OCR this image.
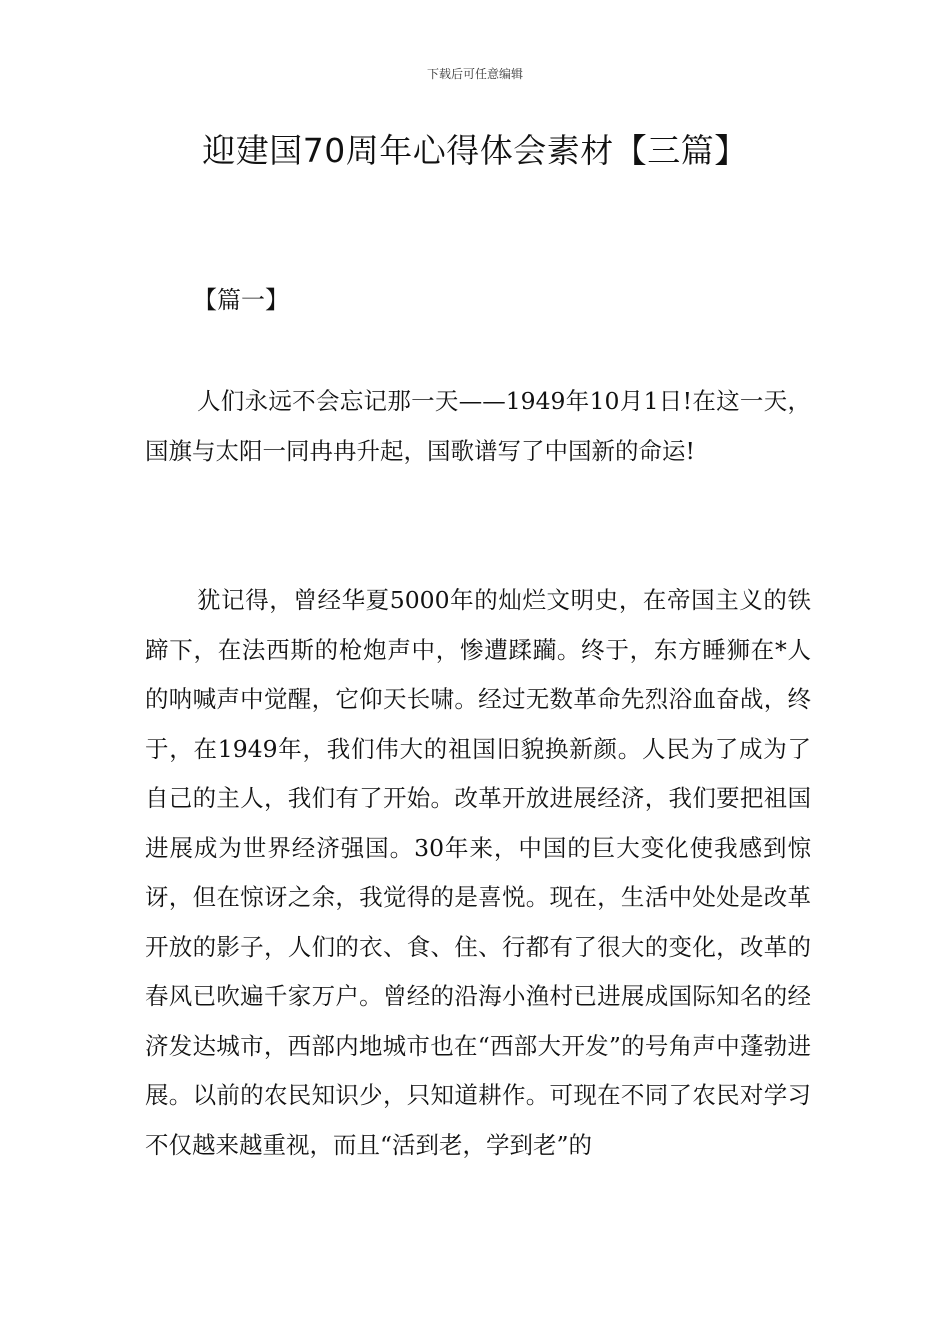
下载后可任意编辑
迎建国70周年心得体会素材【三篇】
【篇一】

人们永远不会忘记那一天——1949年10月1日!在这一天，国旗与太阳一同冉冉升起，国歌谱写了中国新的命运!

犹记得，曾经华夏5000年的灿烂文明史，在帝国主义的铁蹄下，在法西斯的枪炮声中，惨遭蹂躏。终于，东方睡狮在*人的呐喊声中觉醒，它仰天长啸。经过无数革命先烈浴血奋战，终于，在1949年，我们伟大的祖国旧貌换新颜。人民为了成为了自己的主人，我们有了开始。改革开放进展经济，我们要把祖国进展成为世界经济强国。30年来，中国的巨大变化使我感到惊讶，但在惊讶之余，我觉得的是喜悦。现在，生活中处处是改革开放的影子，人们的衣、食、住、行都有了很大的变化，改革的春风已吹遍千家万户。曾经的沿海小渔村已进展成国际知名的经济发达城市，西部内地城市也在“西部大开发”的号角声中蓬勃进展。以前的农民知识少，只知道耕作。可现在不同了农民对学习不仅越来越重视，而且“活到老，学到老”的
